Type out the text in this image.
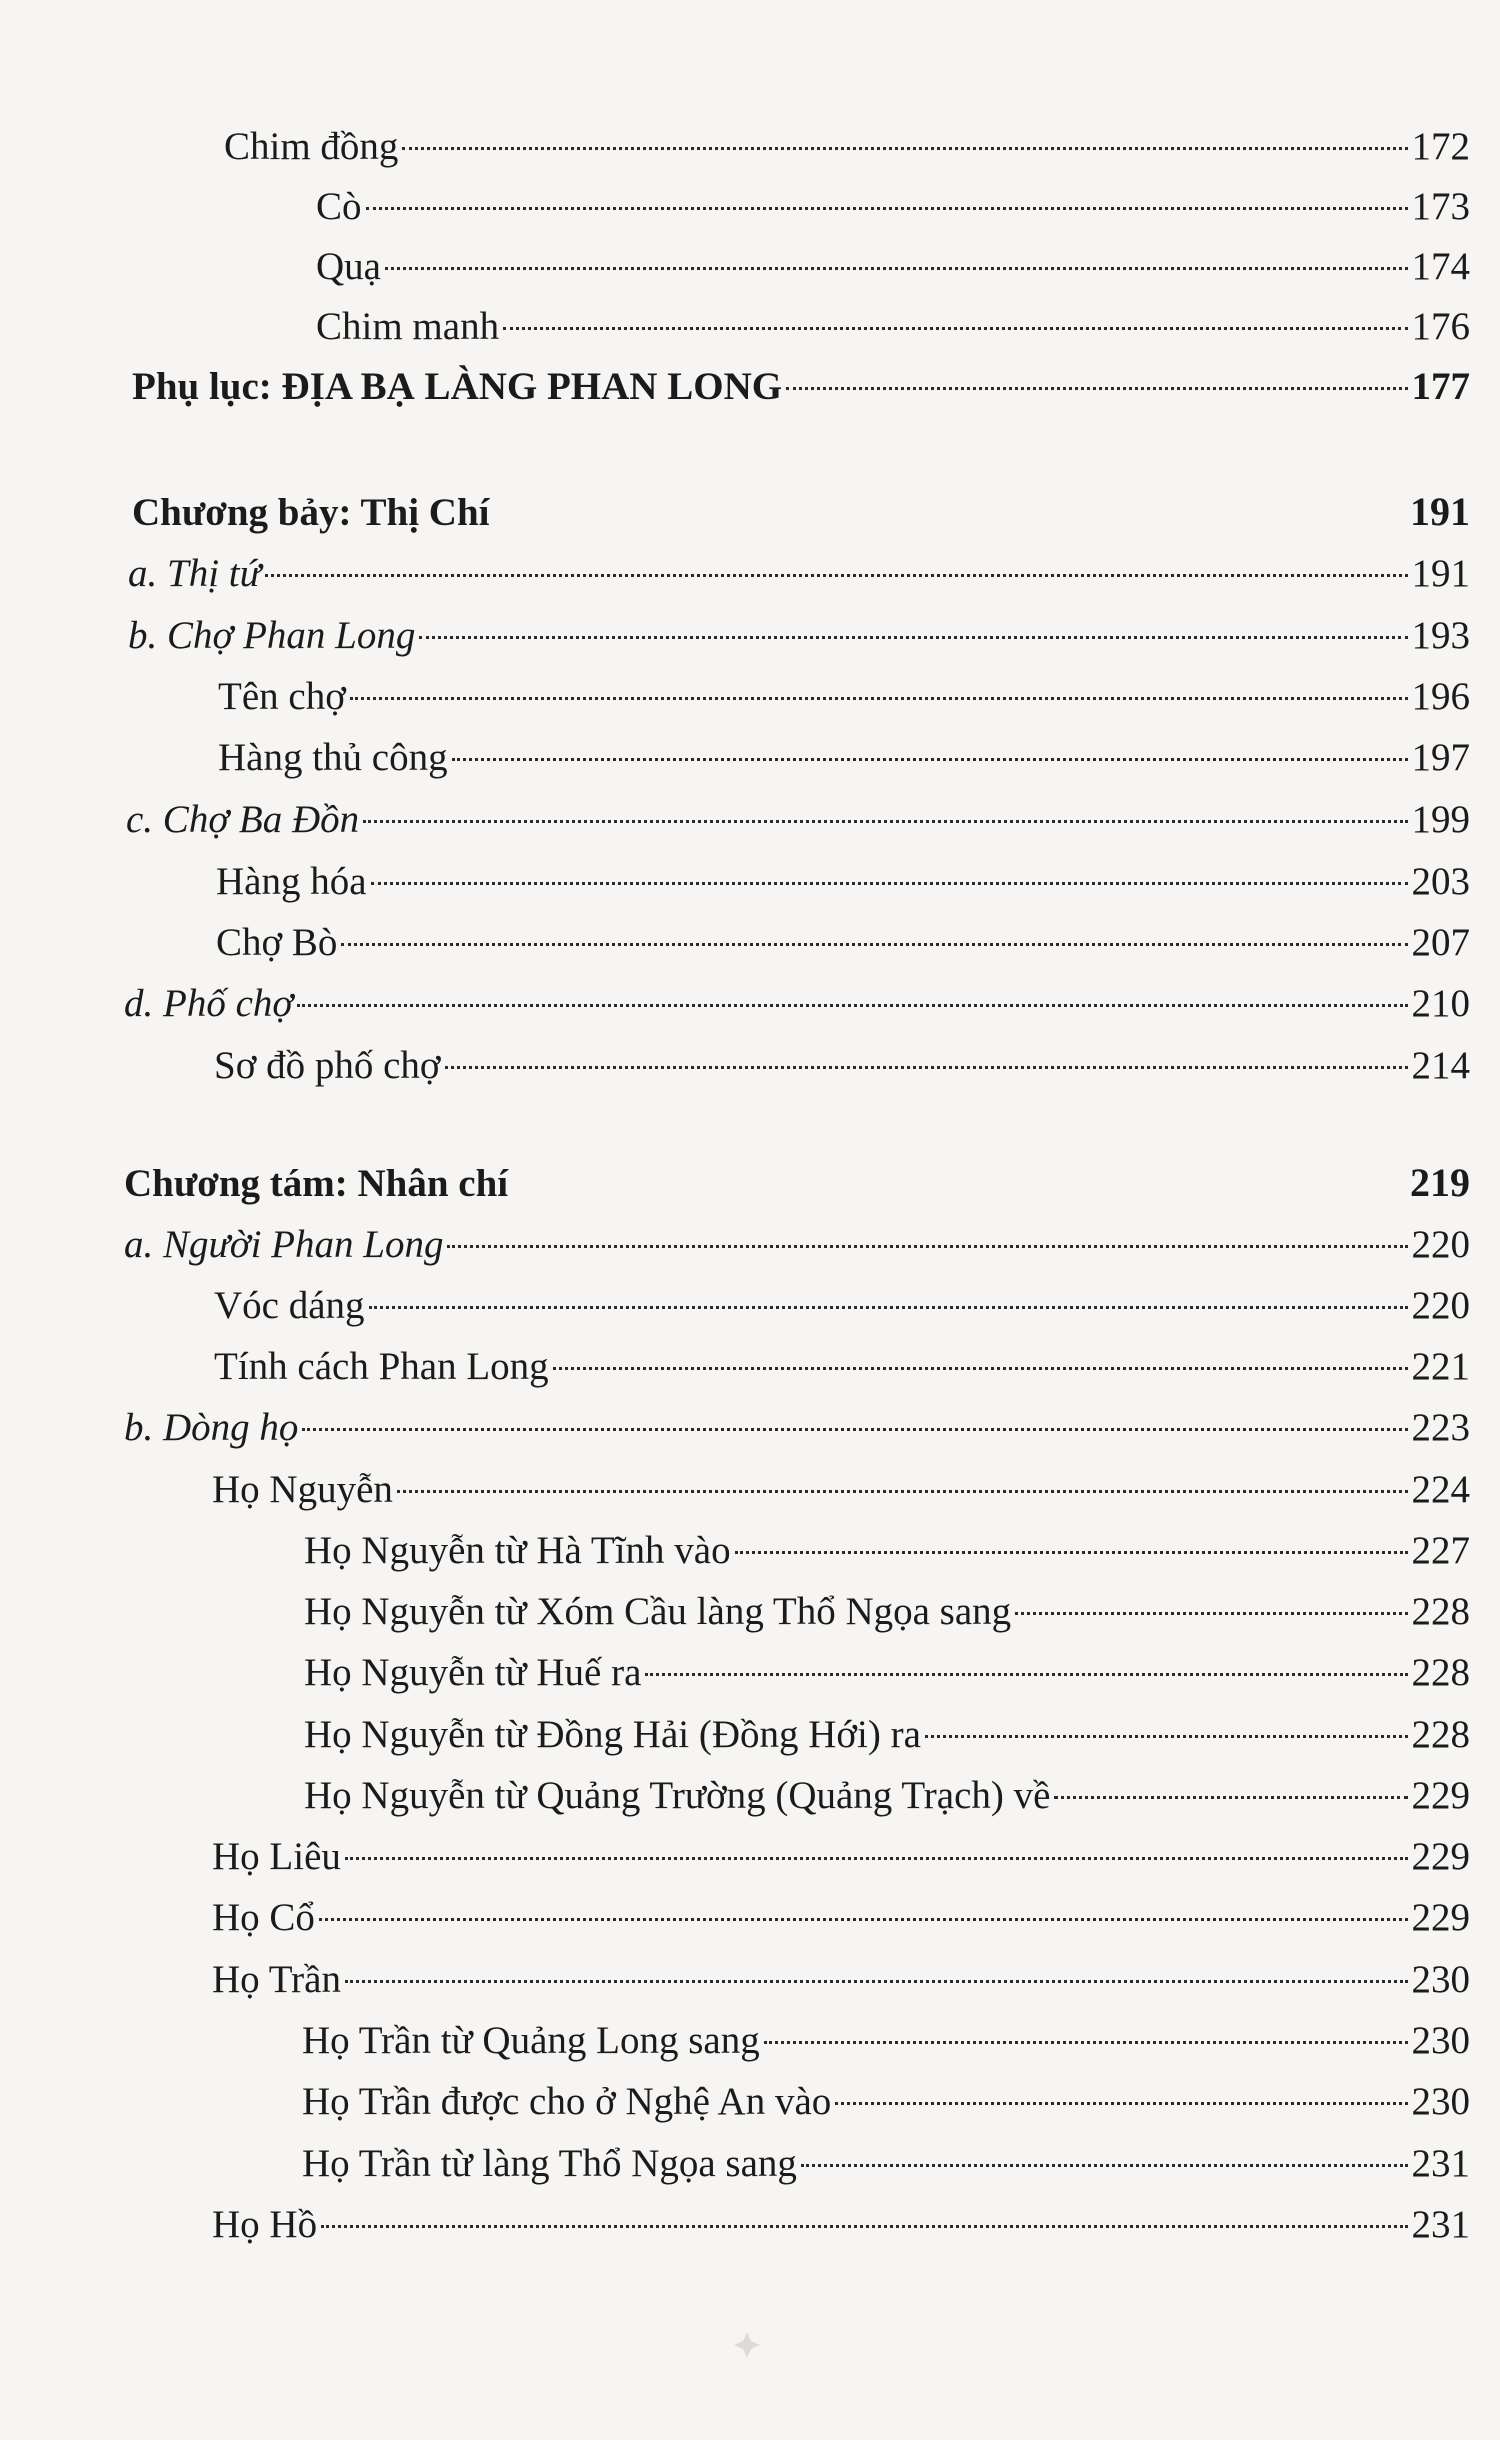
Chim đồng	172
Cò	173
Quạ	174
Chim manh	176
Phụ lục: ĐỊA BẠ LÀNG PHAN LONG	177
Chương bảy: Thị Chí	191
a. Thị tứ	191
b. Chợ Phan Long	193
Tên chợ	196
Hàng thủ công	197
c. Chợ Ba Đồn	199
Hàng hóa	203
Chợ Bò	207
d. Phố chợ	210
Sơ đồ phố chợ	214
Chương tám: Nhân chí	219
a. Người Phan Long	220
Vóc dáng	220
Tính cách Phan Long	221
b. Dòng họ	223
Họ Nguyễn	224
Họ Nguyễn từ Hà Tĩnh vào	227
Họ Nguyễn từ Xóm Cầu làng Thổ Ngọa sang	228
Họ Nguyễn từ Huế ra	228
Họ Nguyễn từ Đồng Hải (Đồng Hới) ra	228
Họ Nguyễn từ Quảng Trường (Quảng Trạch) về	229
Họ Liêu	229
Họ Cổ	229
Họ Trần	230
Họ Trần từ Quảng Long sang	230
Họ Trần được cho ở Nghệ An vào	230
Họ Trần từ làng Thổ Ngọa sang	231
Họ Hồ	231
